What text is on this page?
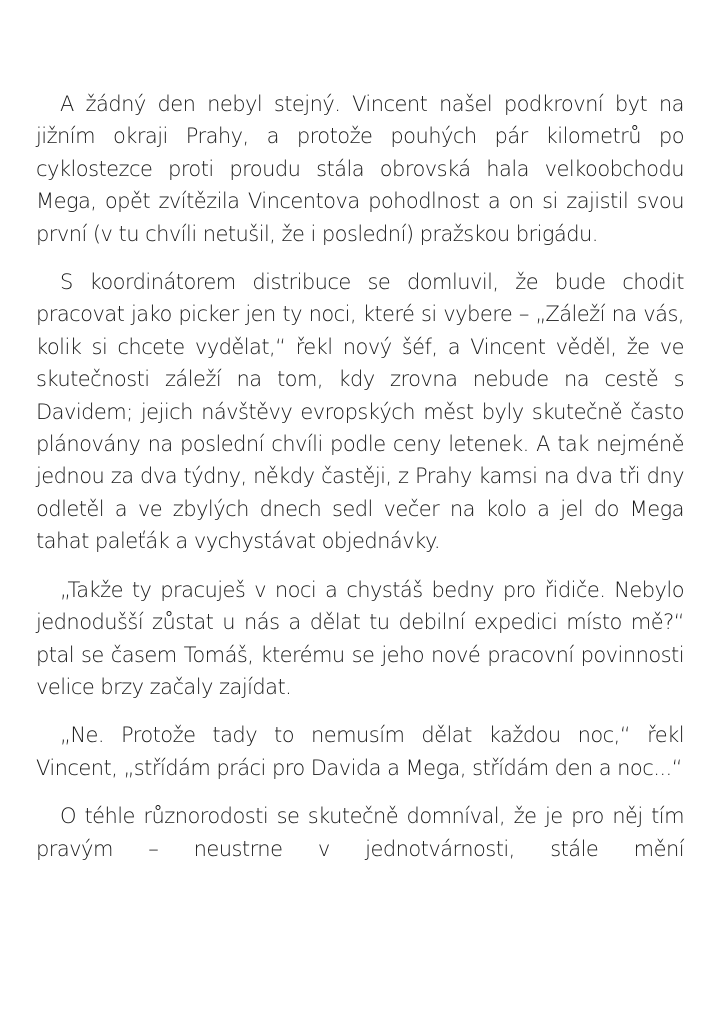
A žádný den nebyl stejný. Vincent našel podkrovní byt na jižním okraji Prahy, a protože pouhých pár kilometrů po cyklostezce proti proudu stála obrovská hala velkoobchodu Mega, opět zvítězila Vincentova pohodlnost a on si zajistil svou první (v tu chvíli netušil, že i poslední) pražskou brigádu.

S koordinátorem distribuce se domluvil, že bude chodit pracovat jako picker jen ty noci, které si vybere – „Záleží na vás, kolik si chcete vydělat,“ řekl nový šéf, a Vincent věděl, že ve skutečnosti záleží na tom, kdy zrovna nebude na cestě s Davidem; jejich návštěvy evropských měst byly skutečně často plánovány na poslední chvíli podle ceny letenek. A tak nejméně jednou za dva týdny, někdy častěji, z Prahy kamsi na dva tři dny odletěl a ve zbylých dnech sedl večer na kolo a jel do Mega tahat paleťák a vychystávat objednávky.

„Takže ty pracuješ v noci a chystáš bedny pro řidiče. Nebylo jednodušší zůstat u nás a dělat tu debilní expedici místo mě?“ ptal se časem Tomáš, kterému se jeho nové pracovní povinnosti velice brzy začaly zajídat.

„Ne. Protože tady to nemusím dělat každou noc,“ řekl Vincent, „střídám práci pro Davida a Mega, střídám den a noc...“

O téhle různorodosti se skutečně domníval, že je pro něj tím pravým – neustrne v jednotvárnosti, stále mění
